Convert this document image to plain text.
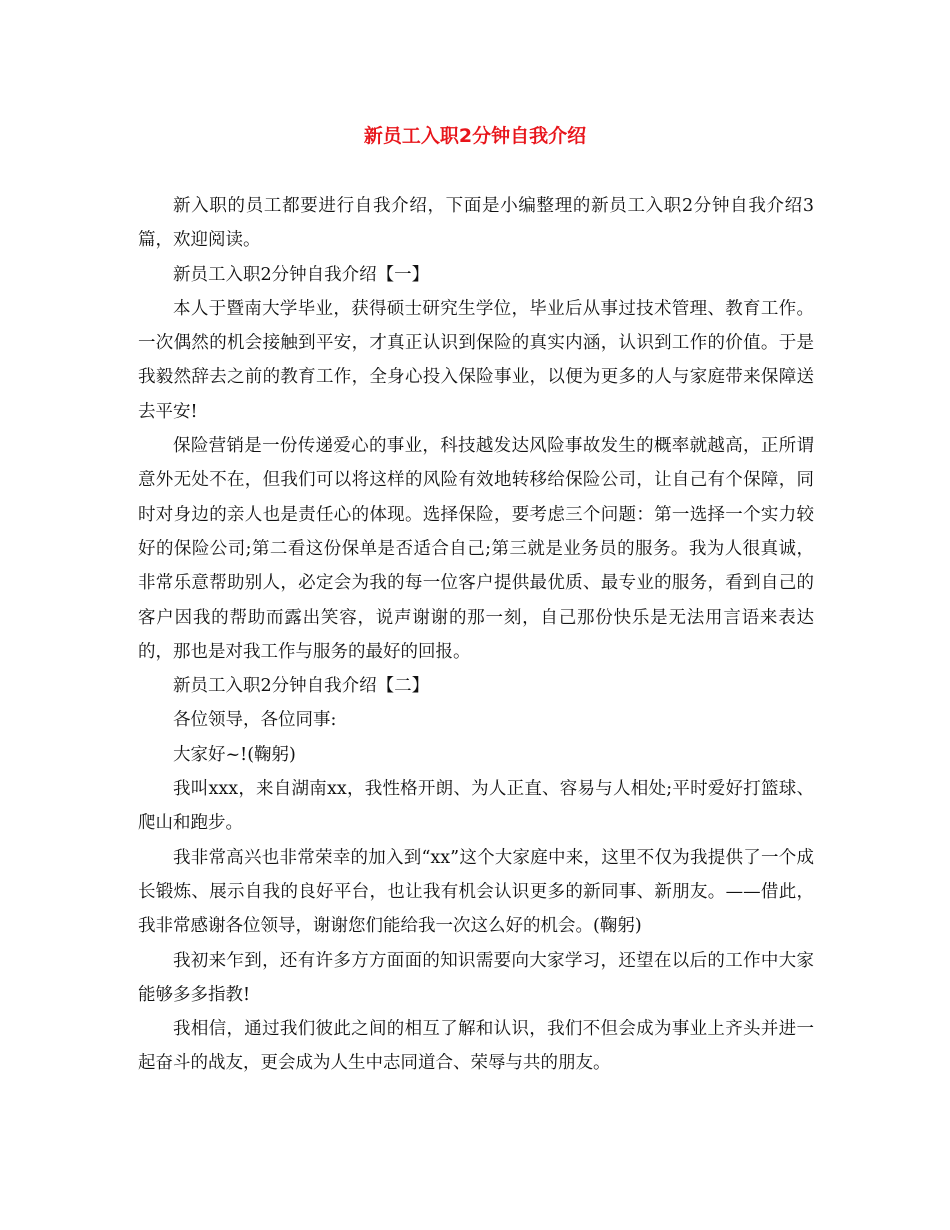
新员工入职2分钟自我介绍

新入职的员工都要进行自我介绍，下面是小编整理的新员工入职2分钟自我介绍3篇，欢迎阅读。

新员工入职2分钟自我介绍【一】

本人于暨南大学毕业，获得硕士研究生学位，毕业后从事过技术管理、教育工作。一次偶然的机会接触到平安，才真正认识到保险的真实内涵，认识到工作的价值。于是我毅然辞去之前的教育工作，全身心投入保险事业，以便为更多的人与家庭带来保障送去平安!

保险营销是一份传递爱心的事业，科技越发达风险事故发生的概率就越高，正所谓意外无处不在，但我们可以将这样的风险有效地转移给保险公司，让自己有个保障，同时对身边的亲人也是责任心的体现。选择保险，要考虑三个问题：第一选择一个实力较好的保险公司;第二看这份保单是否适合自己;第三就是业务员的服务。我为人很真诚，非常乐意帮助别人，必定会为我的每一位客户提供最优质、最专业的服务，看到自己的客户因我的帮助而露出笑容，说声谢谢的那一刻，自己那份快乐是无法用言语来表达的，那也是对我工作与服务的最好的回报。

新员工入职2分钟自我介绍【二】

各位领导，各位同事:

大家好~!(鞠躬)

我叫xxx，来自湖南xx，我性格开朗、为人正直、容易与人相处;平时爱好打篮球、爬山和跑步。

我非常高兴也非常荣幸的加入到“xx”这个大家庭中来，这里不仅为我提供了一个成长锻炼、展示自我的良好平台，也让我有机会认识更多的新同事、新朋友。——借此，我非常感谢各位领导，谢谢您们能给我一次这么好的机会。(鞠躬)

我初来乍到，还有许多方方面面的知识需要向大家学习，还望在以后的工作中大家能够多多指教!

我相信，通过我们彼此之间的相互了解和认识，我们不但会成为事业上齐头并进一起奋斗的战友，更会成为人生中志同道合、荣辱与共的朋友。
